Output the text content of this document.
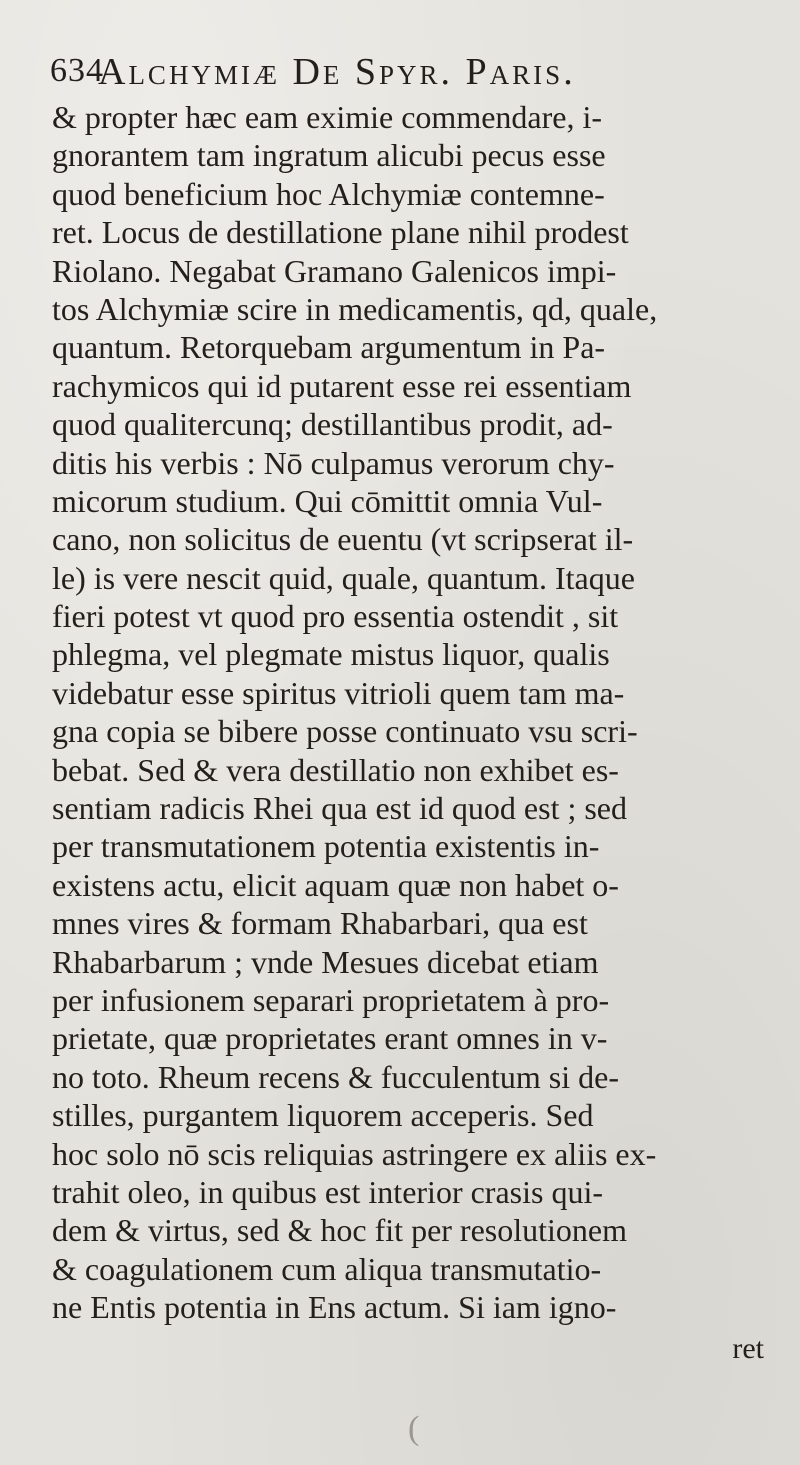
634
Alchymiæ De Spyr. Paris.
& propter hæc eam eximie commendare, i-
gnorantem tam ingratum alicubi pecus esse
quod beneficium hoc Alchymiæ contemne-
ret. Locus de destillatione plane nihil prodest
Riolano. Negabat Gramano Galenicos impi-
tos Alchymiæ scire in medicamentis, qd, quale,
quantum. Retorquebam argumentum in Pa-
rachymicos qui id putarent esse rei essentiam
quod qualitercunq; destillantibus prodit, ad-
ditis his verbis : Nō culpamus verorum chy-
micorum studium. Qui cōmittit omnia Vul-
cano, non solicitus de euentu (vt scripserat il-
le) is vere nescit quid, quale, quantum. Itaque
fieri potest vt quod pro essentia ostendit , sit
phlegma, vel plegmate mistus liquor, qualis
videbatur esse spiritus vitrioli quem tam ma-
gna copia se bibere posse continuato vsu scri-
bebat. Sed & vera destillatio non exhibet es-
sentiam radicis Rhei qua est id quod est ; sed
per transmutationem potentia existentis in-
existens actu, elicit aquam quæ non habet o-
mnes vires & formam Rhabarbari, qua est
Rhabarbarum ; vnde Mesues dicebat etiam
per infusionem separari proprietatem à pro-
prietate, quæ proprietates erant omnes in v-
no toto. Rheum recens & fucculentum si de-
stilles, purgantem liquorem acceperis. Sed
hoc solo nō scis reliquias astringere ex aliis ex-
trahit oleo, in quibus est interior crasis qui-
dem & virtus, sed & hoc fit per resolutionem
& coagulationem cum aliqua transmutatio-
ne Entis potentia in Ens actum. Si iam igno-
ret
(
